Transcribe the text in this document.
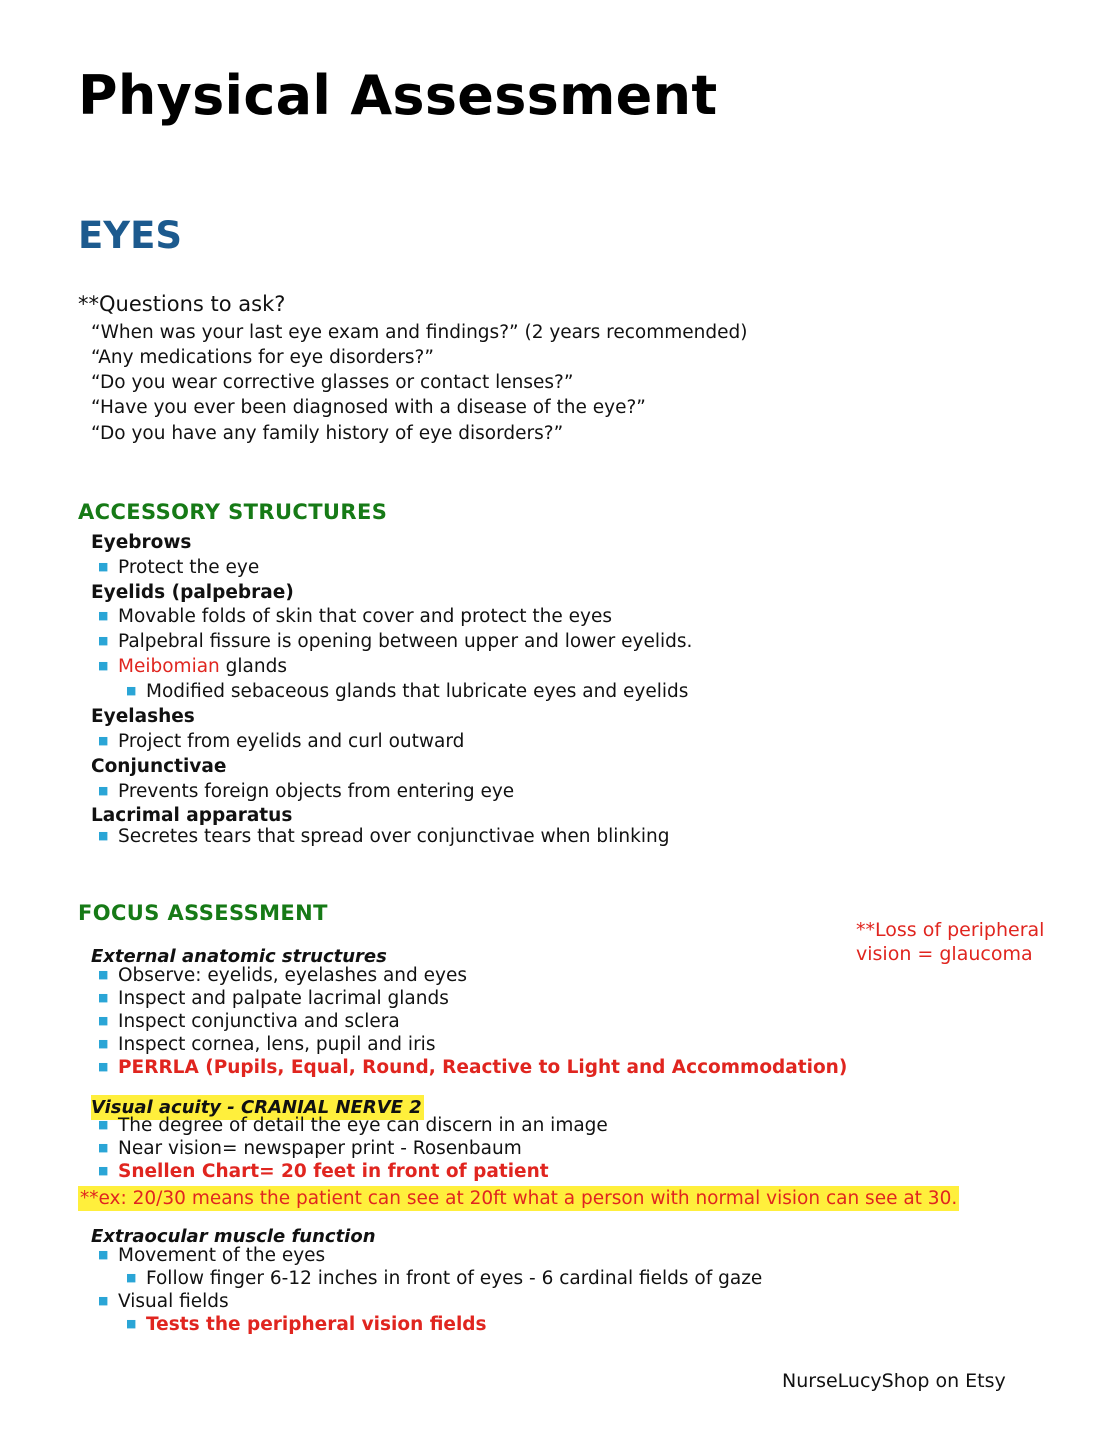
Physical Assessment
EYES
**Questions to ask?
“When was your last eye exam and findings?” (2 years recommended)
“Any medications for eye disorders?”
“Do you wear corrective glasses or contact lenses?”
“Have you ever been diagnosed with a disease of the eye?”
“Do you have any family history of eye disorders?”
ACCESSORY STRUCTURES
Eyebrows
■ Protect the eye
Eyelids (palpebrae)
■ Movable folds of skin that cover and protect the eyes
■ Palpebral fissure is opening between upper and lower eyelids.
■ Meibomian glands
■ Modified sebaceous glands that lubricate eyes and eyelids
Eyelashes
■ Project from eyelids and curl outward
Conjunctivae
■ Prevents foreign objects from entering eye
Lacrimal apparatus
■ Secretes tears that spread over conjunctivae when blinking
FOCUS ASSESSMENT
**Loss of peripheral vision = glaucoma
External anatomic structures
■ Observe: eyelids, eyelashes and eyes
■ Inspect and palpate lacrimal glands
■ Inspect conjunctiva and sclera
■ Inspect cornea, lens, pupil and iris
■ PERRLA (Pupils, Equal, Round, Reactive to Light and Accommodation)
Visual acuity - CRANIAL NERVE 2
■ The degree of detail the eye can discern in an image
■ Near vision= newspaper print - Rosenbaum
■ Snellen Chart= 20 feet in front of patient
**ex: 20/30 means the patient can see at 20ft what a person with normal vision can see at 30.
Extraocular muscle function
■ Movement of the eyes
■ Follow finger 6-12 inches in front of eyes - 6 cardinal fields of gaze
■ Visual fields
■ Tests the peripheral vision fields
NurseLucyShop on Etsy
